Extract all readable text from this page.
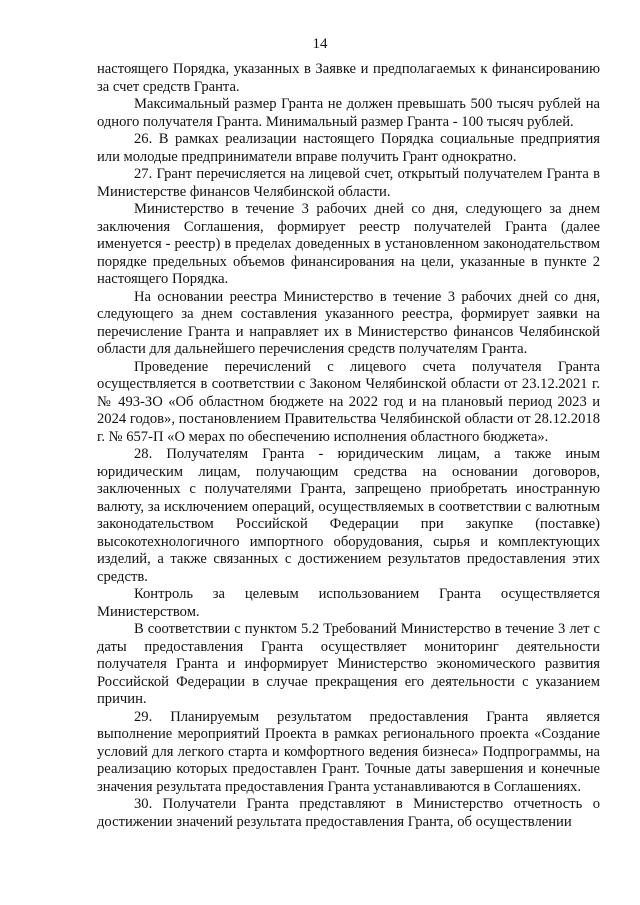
14

настоящего Порядка, указанных в Заявке и предполагаемых к финансированию за счет средств Гранта.

Максимальный размер Гранта не должен превышать 500 тысяч рублей на одного получателя Гранта. Минимальный размер Гранта - 100 тысяч рублей.

26. В рамках реализации настоящего Порядка социальные предприятия или молодые предприниматели вправе получить Грант однократно.

27. Грант перечисляется на лицевой счет, открытый получателем Гранта в Министерстве финансов Челябинской области.

Министерство в течение 3 рабочих дней со дня, следующего за днем заключения Соглашения, формирует реестр получателей Гранта (далее именуется - реестр) в пределах доведенных в установленном законодательством порядке предельных объемов финансирования на цели, указанные в пункте 2 настоящего Порядка.

На основании реестра Министерство в течение 3 рабочих дней со дня, следующего за днем составления указанного реестра, формирует заявки на перечисление Гранта и направляет их в Министерство финансов Челябинской области для дальнейшего перечисления средств получателям Гранта.

Проведение перечислений с лицевого счета получателя Гранта осуществляется в соответствии с Законом Челябинской области от 23.12.2021 г. № 493-ЗО «Об областном бюджете на 2022 год и на плановый период 2023 и 2024 годов», постановлением Правительства Челябинской области от 28.12.2018 г. № 657-П «О мерах по обеспечению исполнения областного бюджета».

28. Получателям Гранта - юридическим лицам, а также иным юридическим лицам, получающим средства на основании договоров, заключенных с получателями Гранта, запрещено приобретать иностранную валюту, за исключением операций, осуществляемых в соответствии с валютным законодательством Российской Федерации при закупке (поставке) высокотехнологичного импортного оборудования, сырья и комплектующих изделий, а также связанных с достижением результатов предоставления этих средств.

Контроль за целевым использованием Гранта осуществляется Министерством.

В соответствии с пунктом 5.2 Требований Министерство в течение 3 лет с даты предоставления Гранта осуществляет мониторинг деятельности получателя Гранта и информирует Министерство экономического развития Российской Федерации в случае прекращения его деятельности с указанием причин.

29. Планируемым результатом предоставления Гранта является выполнение мероприятий Проекта в рамках регионального проекта «Создание условий для легкого старта и комфортного ведения бизнеса» Подпрограммы, на реализацию которых предоставлен Грант. Точные даты завершения и конечные значения результата предоставления Гранта устанавливаются в Соглашениях.

30. Получатели Гранта представляют в Министерство отчетность о достижении значений результата предоставления Гранта, об осуществлении
